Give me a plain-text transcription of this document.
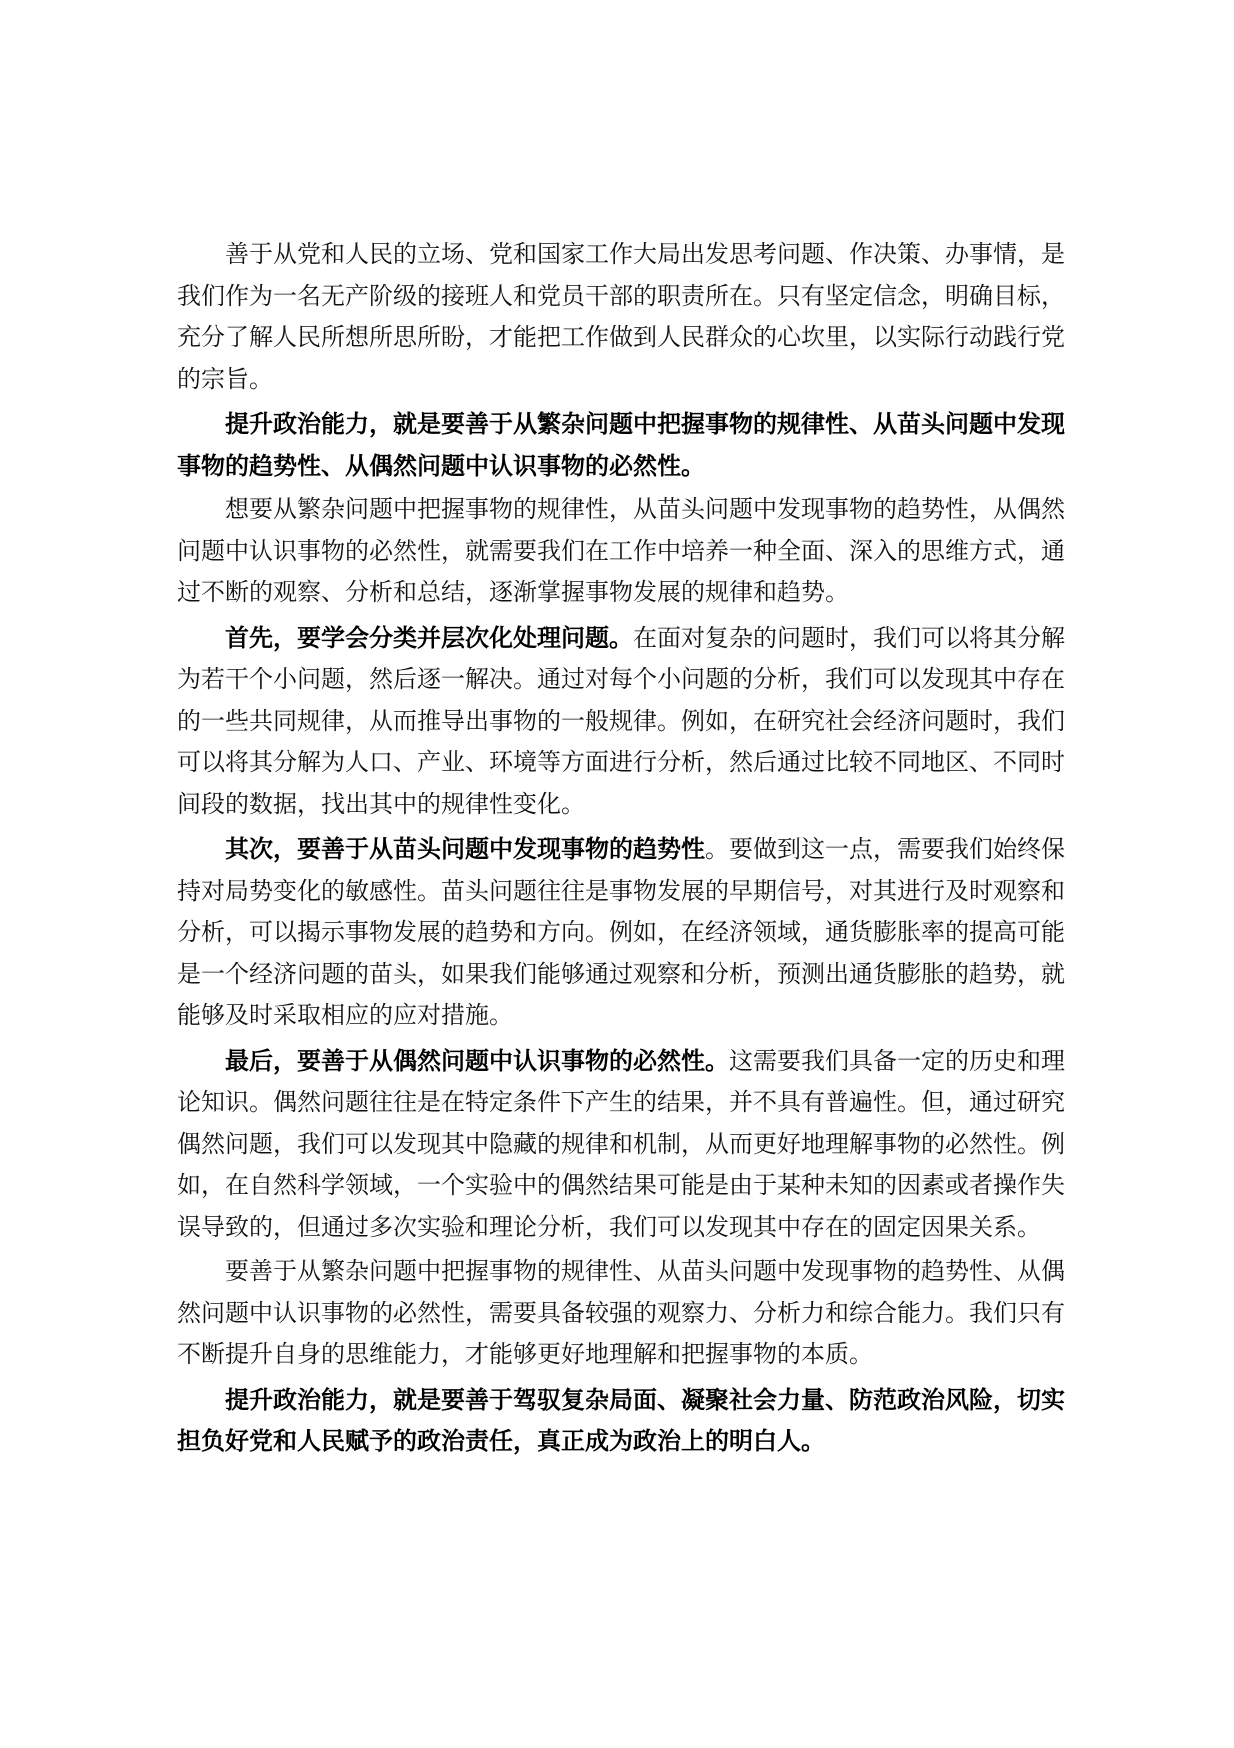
善于从党和人民的立场、党和国家工作大局出发思考问题、作决策、办事情，是我们作为一名无产阶级的接班人和党员干部的职责所在。只有坚定信念，明确目标，充分了解人民所想所思所盼，才能把工作做到人民群众的心坎里，以实际行动践行党的宗旨。

提升政治能力，就是要善于从繁杂问题中把握事物的规律性、从苗头问题中发现事物的趋势性、从偶然问题中认识事物的必然性。

想要从繁杂问题中把握事物的规律性，从苗头问题中发现事物的趋势性，从偶然问题中认识事物的必然性，就需要我们在工作中培养一种全面、深入的思维方式，通过不断的观察、分析和总结，逐渐掌握事物发展的规律和趋势。

首先，要学会分类并层次化处理问题。在面对复杂的问题时，我们可以将其分解为若干个小问题，然后逐一解决。通过对每个小问题的分析，我们可以发现其中存在的一些共同规律，从而推导出事物的一般规律。例如，在研究社会经济问题时，我们可以将其分解为人口、产业、环境等方面进行分析，然后通过比较不同地区、不同时间段的数据，找出其中的规律性变化。

其次，要善于从苗头问题中发现事物的趋势性。要做到这一点，需要我们始终保持对局势变化的敏感性。苗头问题往往是事物发展的早期信号，对其进行及时观察和分析，可以揭示事物发展的趋势和方向。例如，在经济领域，通货膨胀率的提高可能是一个经济问题的苗头，如果我们能够通过观察和分析，预测出通货膨胀的趋势，就能够及时采取相应的应对措施。

最后，要善于从偶然问题中认识事物的必然性。这需要我们具备一定的历史和理论知识。偶然问题往往是在特定条件下产生的结果，并不具有普遍性。但，通过研究偶然问题，我们可以发现其中隐藏的规律和机制，从而更好地理解事物的必然性。例如，在自然科学领域，一个实验中的偶然结果可能是由于某种未知的因素或者操作失误导致的，但通过多次实验和理论分析，我们可以发现其中存在的固定因果关系。

要善于从繁杂问题中把握事物的规律性、从苗头问题中发现事物的趋势性、从偶然问题中认识事物的必然性，需要具备较强的观察力、分析力和综合能力。我们只有不断提升自身的思维能力，才能够更好地理解和把握事物的本质。

提升政治能力，就是要善于驾驭复杂局面、凝聚社会力量、防范政治风险，切实担负好党和人民赋予的政治责任，真正成为政治上的明白人。
